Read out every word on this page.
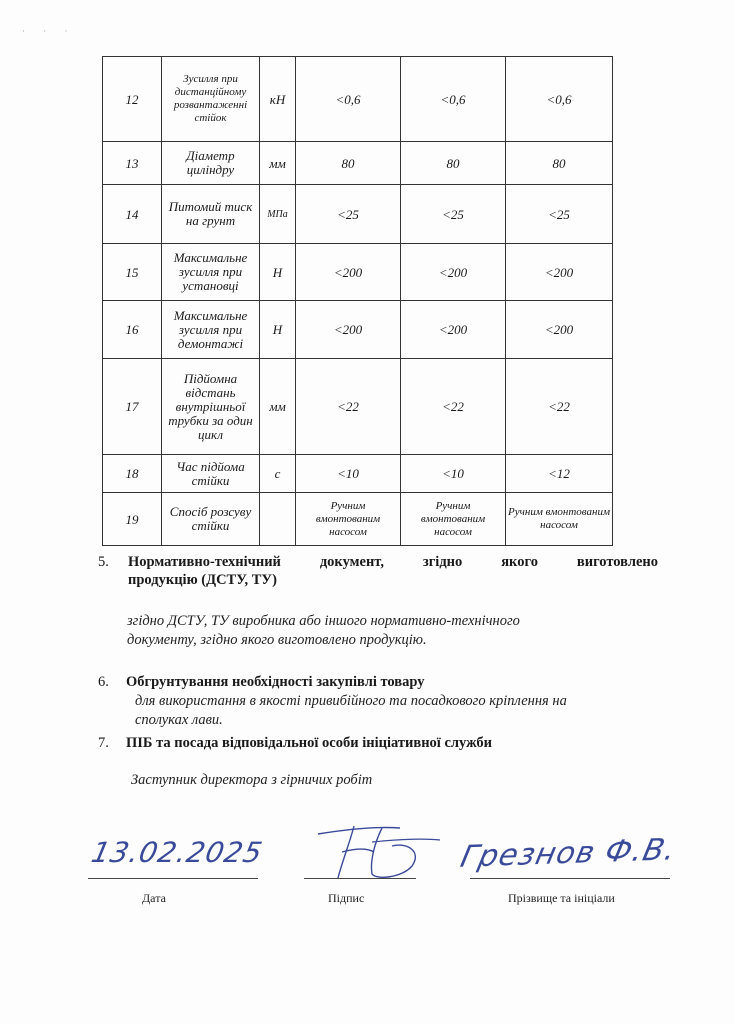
· · ·
12	Зусилля при дистанційному розвантаженні стійок	кН	<0,6	<0,6	<0,6
13	Діаметр циліндру	мм	80	80	80
14	Питомий тиск на грунт	МПа	<25	<25	<25
15	Максимальне зусилля при установці	Н	<200	<200	<200
16	Максимальне зусилля при демонтажі	Н	<200	<200	<200
17	Підйомна відстань внутрішньої трубки за один цикл	мм	<22	<22	<22
18	Час підйома стійки	с	<10	<10	<12
19	Спосіб розсуву стійки		Ручним вмонтованим насосом	Ручним вмонтованим насосом	Ручним вмонтованим насосом
5.	Нормативно-технічний документ, згідно якого виготовлено
продукцію (ДСТУ, ТУ)
згідно ДСТУ, ТУ виробника або іншого нормативно-технічного
документу, згідно якого виготовлено продукцію.
6.	Обгрунтування необхідності закупівлі товару
для використання в якості привибійного та посадкового кріплення на
сполуках лави.
7.	ПІБ та посада відповідальної особи ініціативної служби
Заступник директора з гірничих робіт
13.02.2025	Грезнов Ф.В.
Дата	Підпис	Прізвище та ініціали
